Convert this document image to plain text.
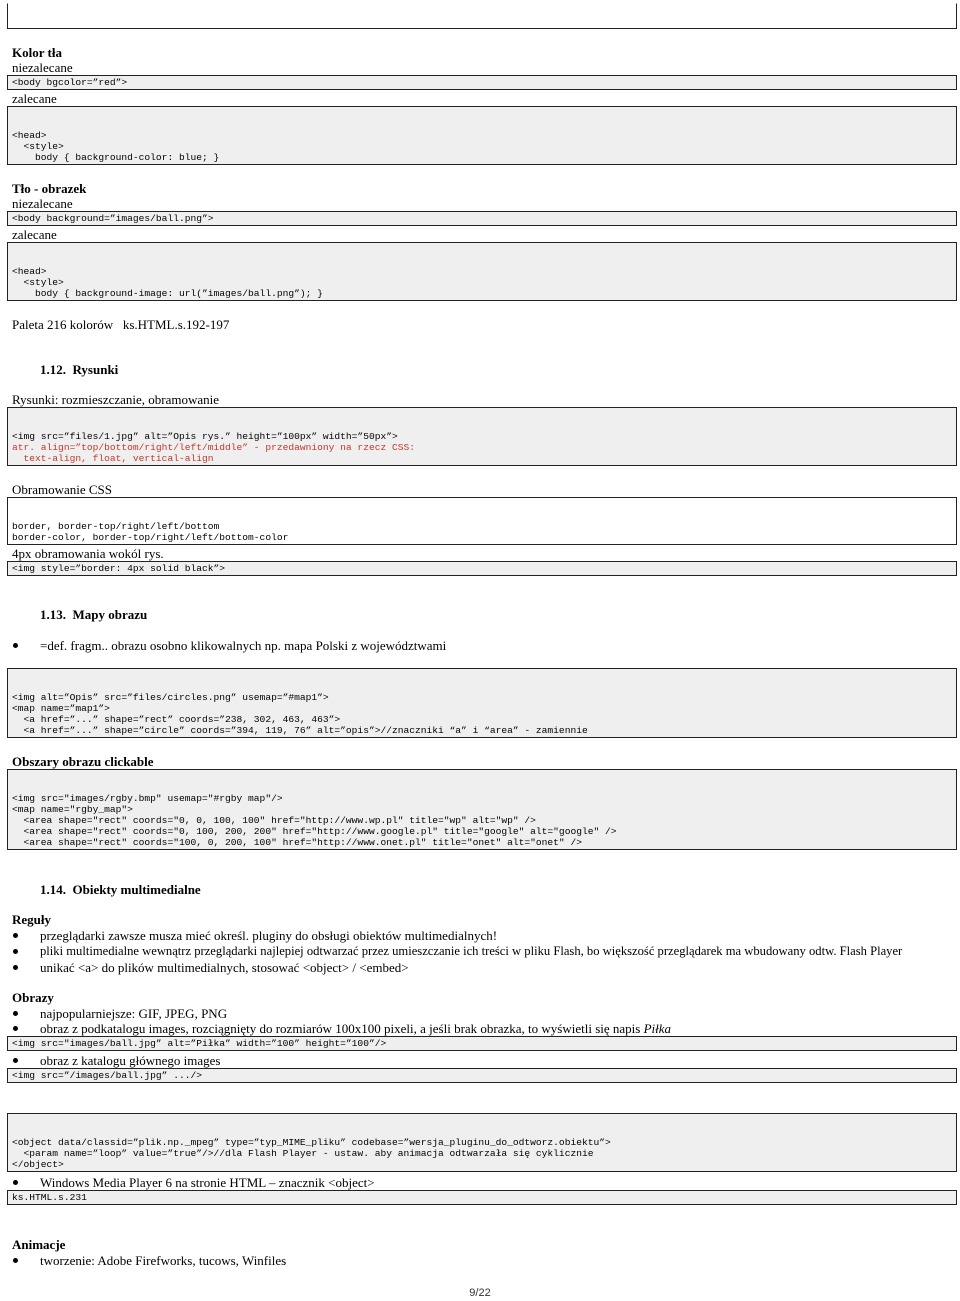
Kolor tła
niezalecane
<body bgcolor=”red”>
zalecane

<head>
<style>
body { background-color: blue; }

Tło - obrazek
niezalecane
<body background=”images/ball.png”>
zalecane

<head>
<style>
body { background-image: url(”images/ball.png”); }

Paleta 216 kolorów   ks.HTML.s.192-197
1.12.  Rysunki
Rysunki: rozmieszczanie, obramowanie

<img src=”files/1.jpg” alt=”Opis rys.” height=”100px” width=”50px”>
atr. align=”top/bottom/right/left/middle” - przedawniony na rzecz CSS:
text-align, float, vertical-align

Obramowanie CSS

border, border-top/right/left/bottom
border-color, border-top/right/left/bottom-color

4px obramowania wokól rys.
<img style=”border: 4px solid black”>
1.13.  Mapy obrazu
=def. fragm.. obrazu osobno klikowalnych np. mapa Polski z województwami

<img alt=”Opis” src=”files/circles.png” usemap=”#map1”>
<map name=”map1”>
<a href=”...” shape=”rect” coords=”238, 302, 463, 463”>
<a href=”...” shape=”circle” coords=”394, 119, 76” alt=”opis”>//znaczniki “a” i “area” - zamiennie

Obszary obrazu clickable

<img src="images/rgby.bmp" usemap="#rgby map"/>
<map name="rgby_map">
<area shape="rect" coords="0, 0, 100, 100" href="http://www.wp.pl" title="wp" alt="wp" />
<area shape="rect" coords="0, 100, 200, 200" href="http://www.google.pl" title="google" alt="google" />
<area shape="rect" coords="100, 0, 200, 100" href="http://www.onet.pl" title="onet" alt="onet" />

1.14.  Obiekty multimedialne
Reguły
przeglądarki zawsze musza mieć określ. pluginy do obsługi obiektów multimedialnych!
pliki multimedialne wewnątrz przeglądarki najlepiej odtwarzać przez umieszczanie ich treści w pliku Flash, bo większość przeglądarek ma wbudowany odtw. Flash Player
unikać <a> do plików multimedialnych, stosować <object> / <embed>
Obrazy
najpopularniejsze: GIF, JPEG, PNG
obraz z podkatalogu images, rozciągnięty do rozmiarów 100x100 pixeli, a jeśli brak obrazka, to wyświetli się napis Piłka
<img src="images/ball.jpg” alt=”Piłka” width=”100” height=”100”/>
obraz z katalogu głównego images
<img src=”/images/ball.jpg” .../>

<object data/classid=”plik.np._mpeg” type=”typ_MIME_pliku” codebase=”wersja_pluginu_do_odtworz.obiektu”>
<param name=”loop” value=”true”/>//dla Flash Player - ustaw. aby animacja odtwarzała się cyklicznie
</object>

Windows Media Player 6 na stronie HTML – znacznik <object>
ks.HTML.s.231
Animacje
tworzenie: Adobe Firefworks, tucows, Winfiles
9/22
